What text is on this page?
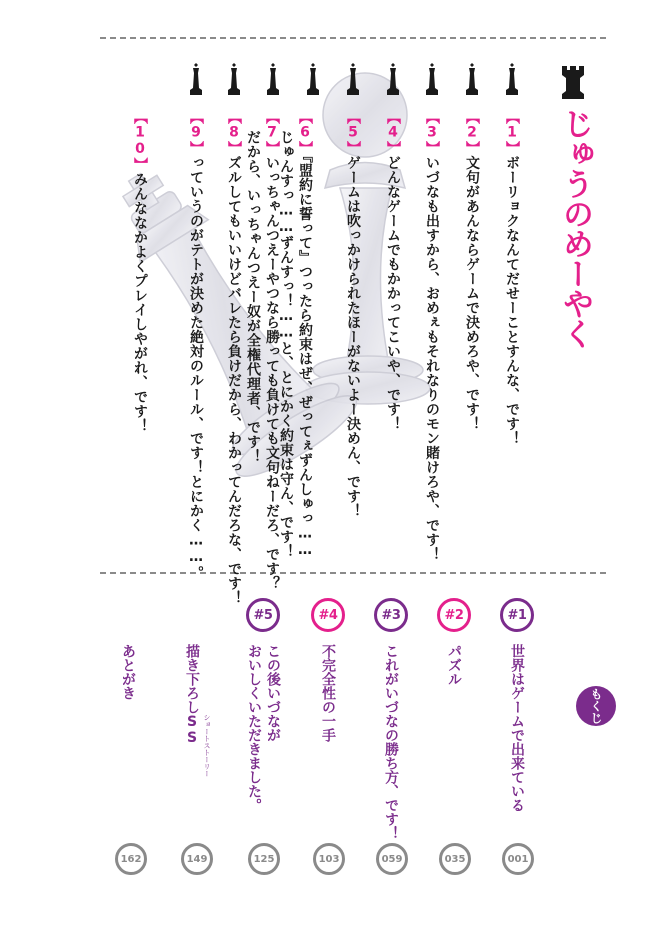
じゅうのめーやく
【1】ボーリョクなんてだせーことすんな、です！
【2】文句があんならゲームで決めろや、です！
【3】いづなも出すから、おめぇもそれなりのモン賭けろや、です！
【4】どんなゲームでもかかってこいや、です！
【5】ゲームは吹っかけられたほーがないよー決めん、です！
【6】『盟約に誓って』つったら約束はぜ、ぜってぇずんしゅっ……
じゅんすっ……ずんすっ！……と、とにかく約束は守ん、です！
【7】いっちゃんつえーやつなら勝っても負けても文句ねーだろ、です？
だから、いっちゃんつえー奴が全権代理者、です！
【8】ズルしてもいいけどバレたら負けだから、わかってんだろな、です！
【9】っていうのがテトが決めた絶対のルール、です！とにかく……。
【10】みんななかよくプレイしやがれ、です！
もくじ
#1
#2
#3
#4
#5
世界はゲームで出来ている
パズル
これがいづなの勝ち方、です！
不完全性の一手
この後いづなが
おいしくいただきました。
描き下ろしSS ショートストーリー
あとがき
001
035
059
103
125
149
162
